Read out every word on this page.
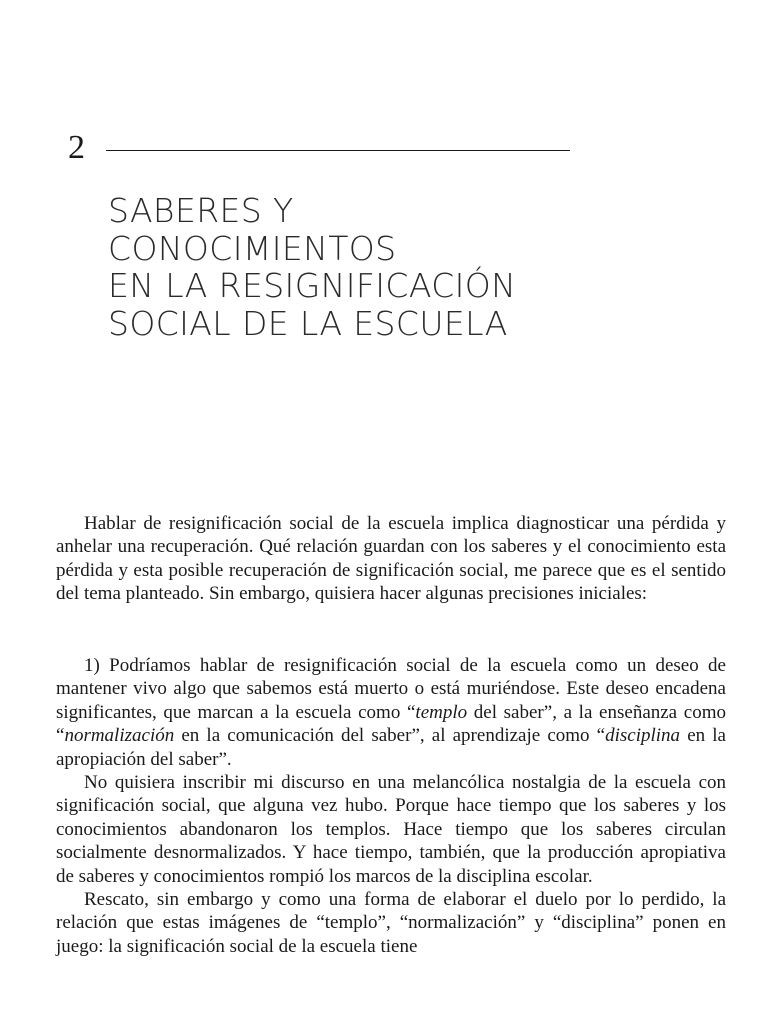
2
SABERES Y
CONOCIMIENTOS
EN LA RESIGNIFICACIÓN
SOCIAL DE LA ESCUELA

Hablar de resignificación social de la escuela implica diagnosticar una pérdida y anhelar una recuperación. Qué relación guardan con los saberes y el conocimiento esta pérdida y esta posible recuperación de significación social, me parece que es el sentido del tema planteado. Sin embargo, quisiera hacer algunas precisiones iniciales:

1) Podríamos hablar de resignificación social de la escuela como un deseo de mantener vivo algo que sabemos está muerto o está muriéndose. Este deseo encadena significantes, que marcan a la escuela como “templo del saber”, a la enseñanza como “normalización en la comunicación del saber”, al aprendizaje como “disciplina en la apropiación del saber”.

No quisiera inscribir mi discurso en una melancólica nostalgia de la escuela con significación social, que alguna vez hubo. Porque hace tiempo que los saberes y los conocimientos abandonaron los templos. Hace tiempo que los saberes circulan socialmente desnormalizados. Y hace tiempo, también, que la producción apropiativa de saberes y conocimientos rompió los marcos de la disciplina escolar.

Rescato, sin embargo y como una forma de elaborar el duelo por lo perdido, la relación que estas imágenes de “templo”, “normalización” y “disciplina” ponen en juego: la significación social de la escuela tiene
